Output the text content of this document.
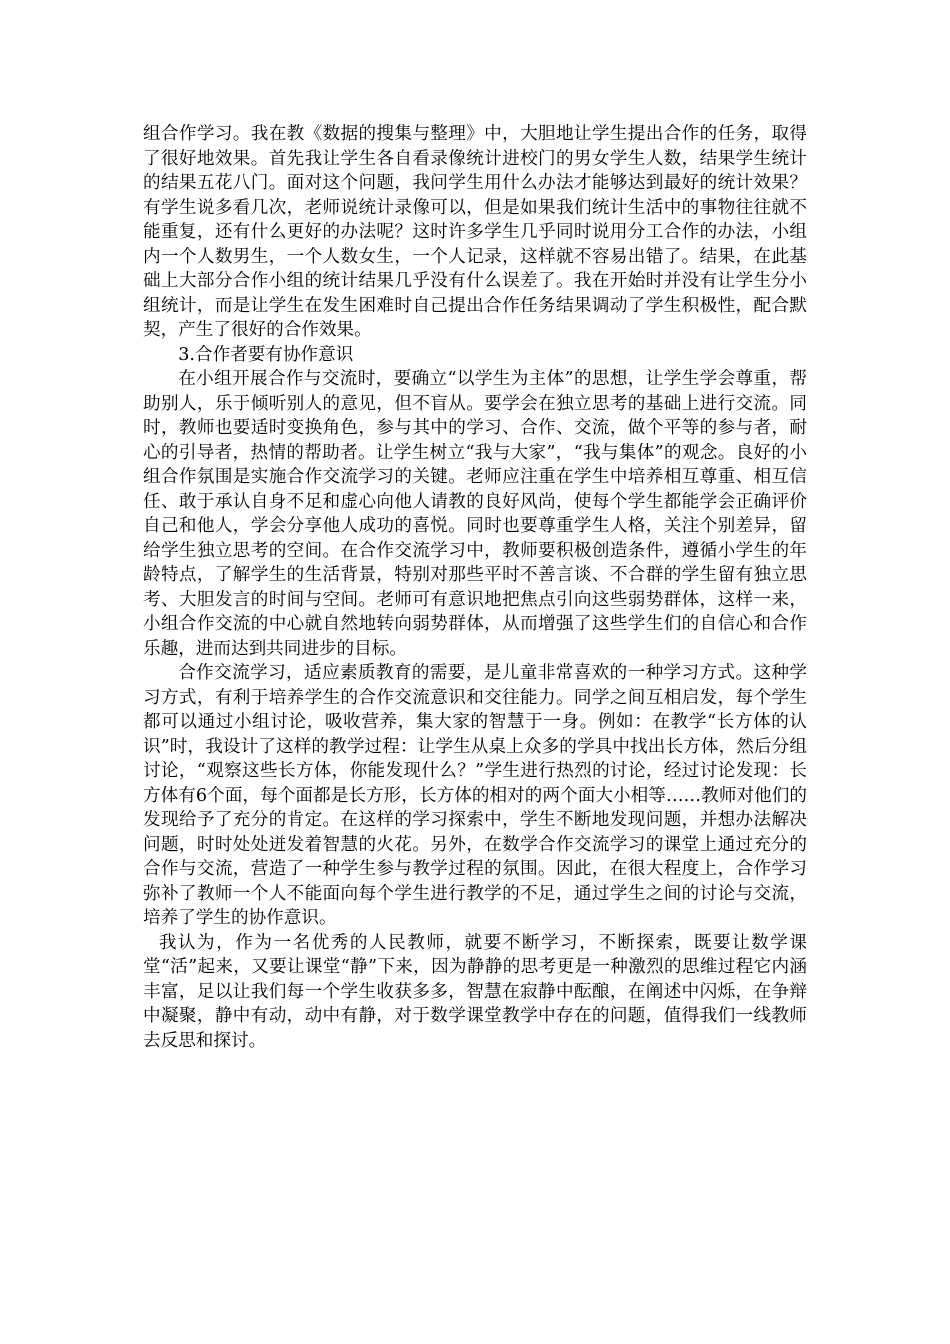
组合作学习。我在教《数据的搜集与整理》中，大胆地让学生提出合作的任务，取得了很好地效果。首先我让学生各自看录像统计进校门的男女学生人数，结果学生统计的结果五花八门。面对这个问题，我问学生用什么办法才能够达到最好的统计效果？有学生说多看几次，老师说统计录像可以，但是如果我们统计生活中的事物往往就不能重复，还有什么更好的办法呢？这时许多学生几乎同时说用分工合作的办法，小组内一个人数男生，一个人数女生，一个人记录，这样就不容易出错了。结果，在此基础上大部分合作小组的统计结果几乎没有什么误差了。我在开始时并没有让学生分小组统计，而是让学生在发生困难时自己提出合作任务结果调动了学生积极性，配合默契，产生了很好的合作效果。

3.合作者要有协作意识

在小组开展合作与交流时，要确立“以学生为主体”的思想，让学生学会尊重，帮助别人，乐于倾听别人的意见，但不盲从。要学会在独立思考的基础上进行交流。同时，教师也要适时变换角色，参与其中的学习、合作、交流，做个平等的参与者，耐心的引导者，热情的帮助者。让学生树立“我与大家”，“我与集体”的观念。良好的小组合作氛围是实施合作交流学习的关键。老师应注重在学生中培养相互尊重、相互信任、敢于承认自身不足和虚心向他人请教的良好风尚，使每个学生都能学会正确评价自己和他人，学会分享他人成功的喜悦。同时也要尊重学生人格，关注个别差异，留给学生独立思考的空间。在合作交流学习中，教师要积极创造条件，遵循小学生的年龄特点，了解学生的生活背景，特别对那些平时不善言谈、不合群的学生留有独立思考、大胆发言的时间与空间。老师可有意识地把焦点引向这些弱势群体，这样一来，小组合作交流的中心就自然地转向弱势群体，从而增强了这些学生们的自信心和合作乐趣，进而达到共同进步的目标。

合作交流学习，适应素质教育的需要，是儿童非常喜欢的一种学习方式。这种学习方式，有利于培养学生的合作交流意识和交往能力。同学之间互相启发，每个学生都可以通过小组讨论，吸收营养，集大家的智慧于一身。例如：在教学“长方体的认识”时，我设计了这样的教学过程：让学生从桌上众多的学具中找出长方体，然后分组讨论，“观察这些长方体，你能发现什么？”学生进行热烈的讨论，经过讨论发现：长方体有6个面，每个面都是长方形，长方体的相对的两个面大小相等……教师对他们的发现给予了充分的肯定。在这样的学习探索中，学生不断地发现问题，并想办法解决问题，时时处处迸发着智慧的火花。另外，在数学合作交流学习的课堂上通过充分的合作与交流，营造了一种学生参与教学过程的氛围。因此，在很大程度上，合作学习弥补了教师一个人不能面向每个学生进行教学的不足，通过学生之间的讨论与交流，培养了学生的协作意识。

我认为，作为一名优秀的人民教师，就要不断学习，不断探索，既要让数学课堂“活”起来，又要让课堂“静”下来，因为静静的思考更是一种激烈的思维过程它内涵丰富，足以让我们每一个学生收获多多，智慧在寂静中酝酿，在阐述中闪烁，在争辩中凝聚，静中有动，动中有静，对于数学课堂教学中存在的问题，值得我们一线教师去反思和探讨。
